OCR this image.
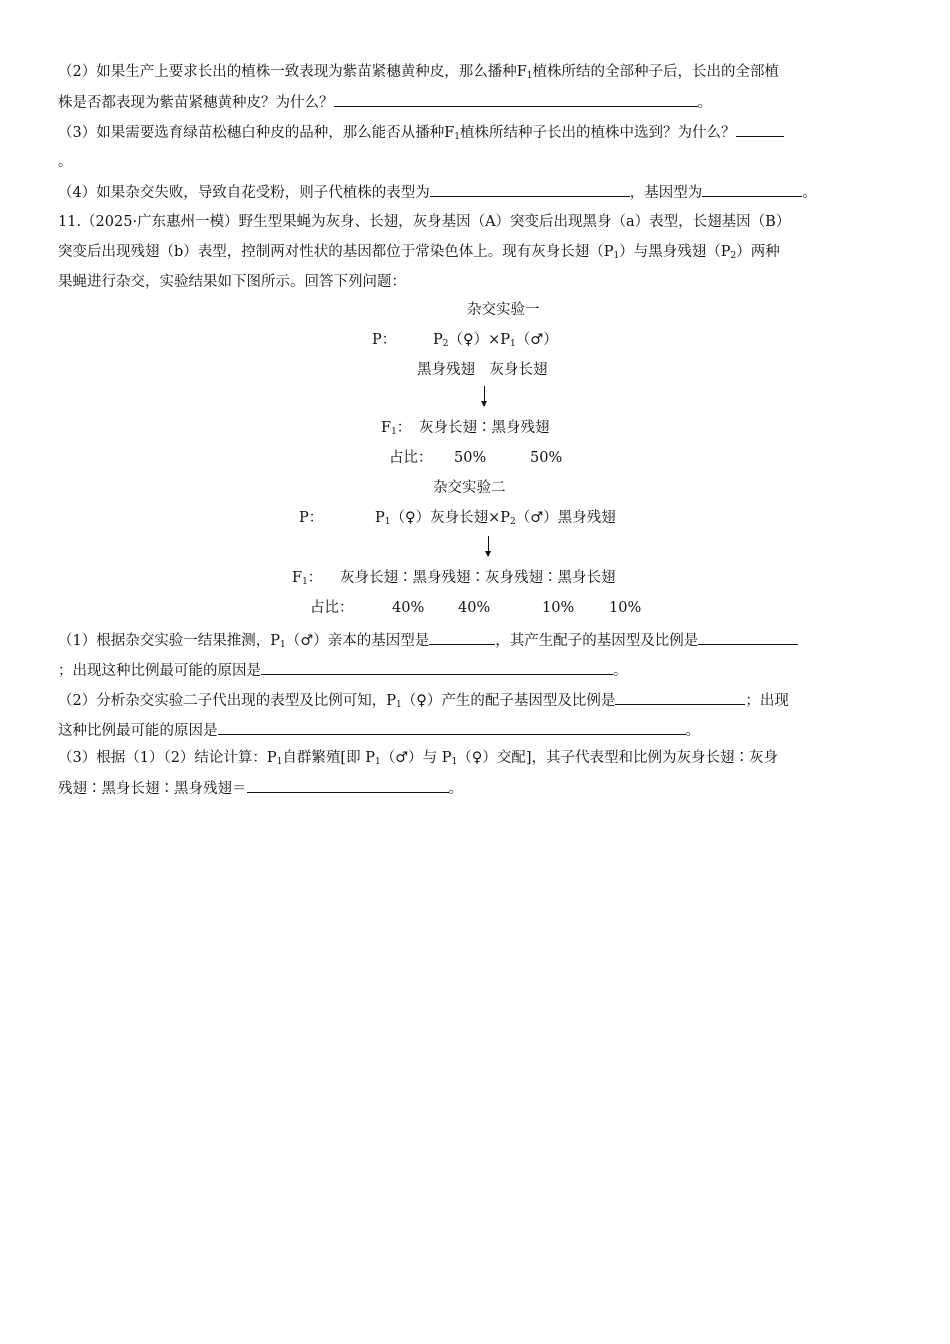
（2）如果生产上要求长出的植株一致表现为紫苗紧穗黄种皮，那么播种$F_1$植株所结的全部种子后，长出的全部植
株是否都表现为紫苗紧穗黄种皮？为什么？	。
（3）如果需要选育绿苗松穗白种皮的品种，那么能否从播种$F_1$植株所结种子长出的植株中选到？为什么？
。
（4）如果杂交失败，导致自花受粉，则子代植株的表型为	，基因型为	。
11.（2025·广东惠州一模）野生型果蝇为灰身、长翅，灰身基因（A）突变后出现黑身（a）表型，长翅基因（B）
突变后出现残翅（b）表型，控制两对性状的基因都位于常染色体上。现有灰身长翅$(P_1)$与黑身残翅$(P_2)$两种
果蝇进行杂交，实验结果如下图所示。回答下列问题：
杂交实验一
P：	$P_2(♀)\times P_1(♂)$
黑身残翅　灰身长翅
$F_1$： 灰身长翅∶黑身残翅
占比： 50%	50%
杂交实验二
P：	$P_1(♀)$灰身长翅$\times P_2(♂)$黑身残翅
$F_1$： 灰身长翅∶黑身残翅∶灰身残翅∶黑身长翅
占比：	40% 40%	10% 10%
（1）根据杂交实验一结果推测，$P_1(♂)$亲本的基因型是	，其产生配子的基因型及比例是
；出现这种比例最可能的原因是	。
（2）分析杂交实验二子代出现的表型及比例可知，$P_1(♀)$产生的配子基因型及比例是	；出现
这种比例最可能的原因是	。
（3）根据（1）（2）结论计算：$P_1$自群繁殖[即 $P_1(♂)$与 $P_1(♀)$交配]，其子代表型和比例为灰身长翅∶灰身
残翅∶黑身长翅∶黑身残翅＝	。
